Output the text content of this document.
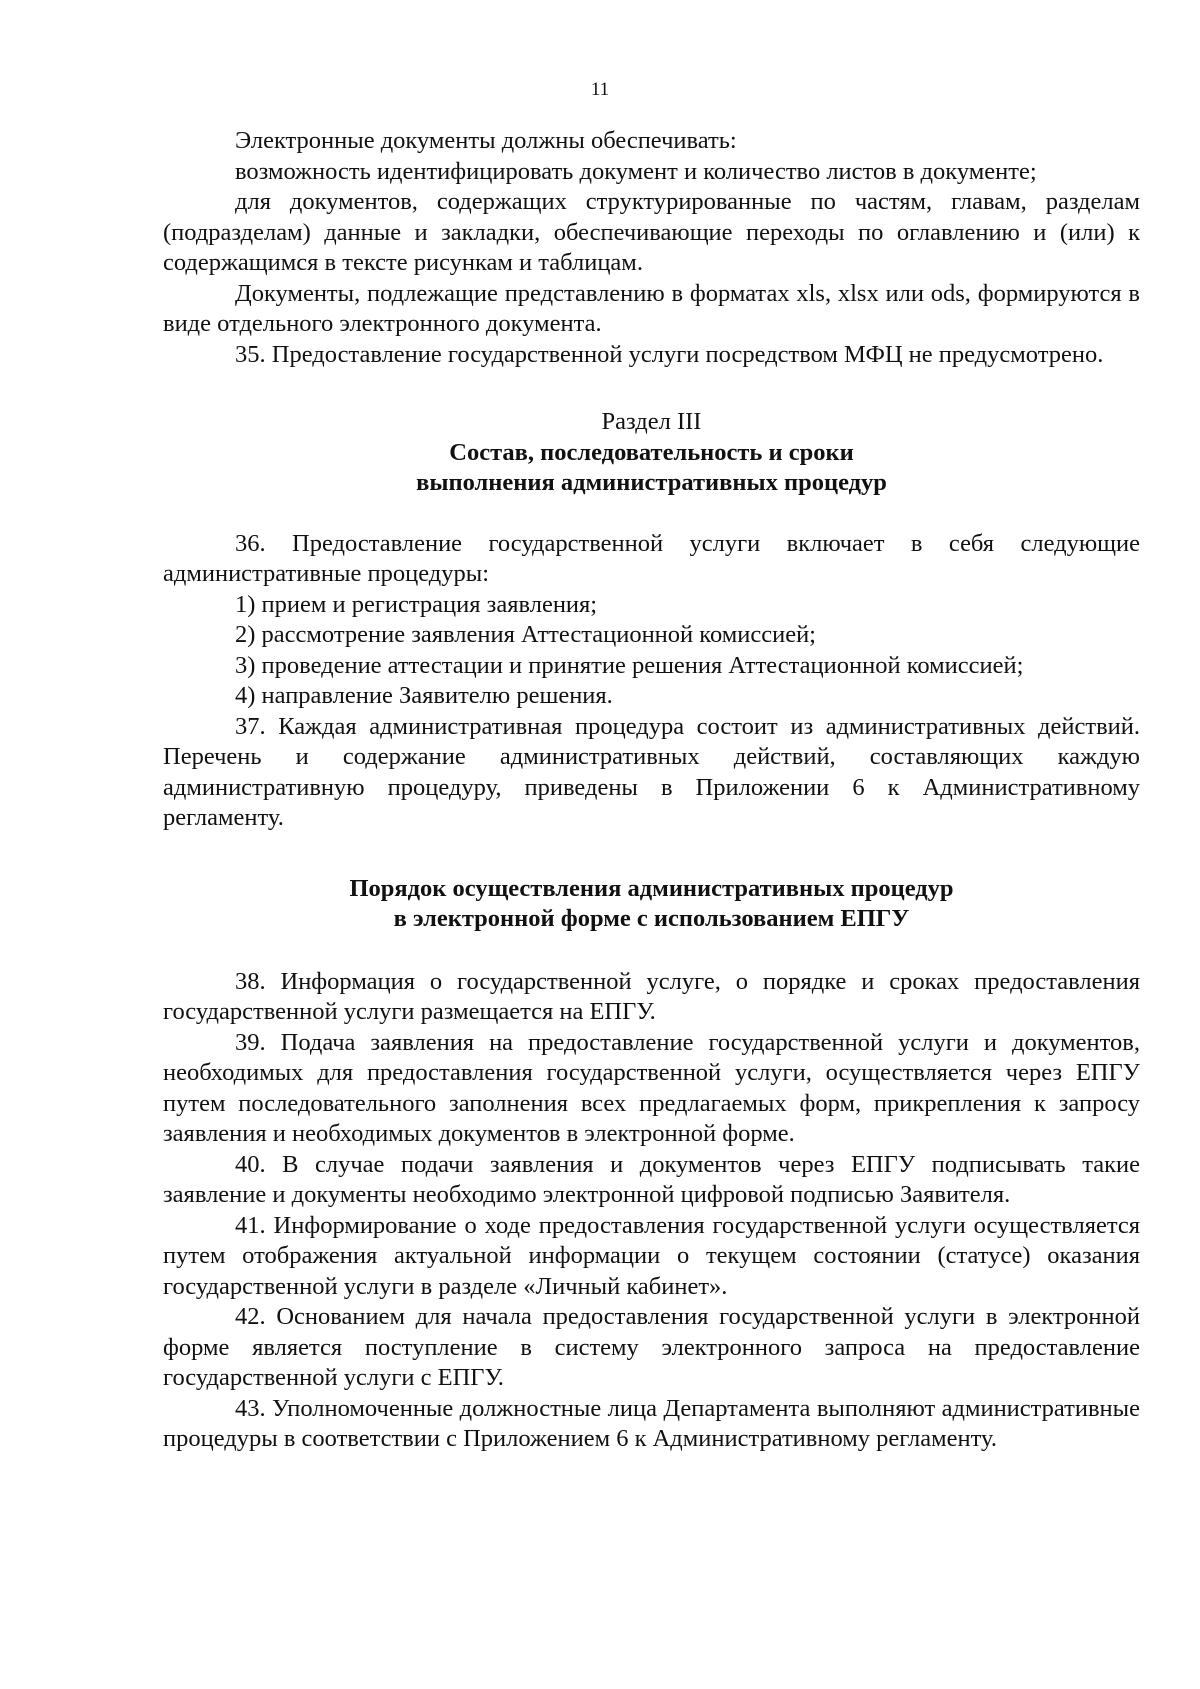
11

Электронные документы должны обеспечивать:

возможность идентифицировать документ и количество листов в документе;

для документов, содержащих структурированные по частям, главам, разделам (подразделам) данные и закладки, обеспечивающие переходы по оглавлению и (или) к содержащимся в тексте рисункам и таблицам.

Документы, подлежащие представлению в форматах xls, xlsx или ods, формируются в виде отдельного электронного документа.

35. Предоставление государственной услуги посредством МФЦ не предусмотрено.

Раздел III
Состав, последовательность и сроки
выполнения административных процедур

36. Предоставление государственной услуги включает в себя следующие административные процедуры:

1) прием и регистрация заявления;

2) рассмотрение заявления Аттестационной комиссией;

3) проведение аттестации и принятие решения Аттестационной комиссией;

4) направление Заявителю решения.

37. Каждая административная процедура состоит из административных действий. Перечень и содержание административных действий, составляющих каждую административную процедуру, приведены в Приложении 6 к Административному регламенту.

Порядок осуществления административных процедур
в электронной форме с использованием ЕПГУ

38. Информация о государственной услуге, о порядке и сроках предоставления государственной услуги размещается на ЕПГУ.

39. Подача заявления на предоставление государственной услуги и документов, необходимых для предоставления государственной услуги, осуществляется через ЕПГУ путем последовательного заполнения всех предлагаемых форм, прикрепления к запросу заявления и необходимых документов в электронной форме.

40. В случае подачи заявления и документов через ЕПГУ подписывать такие заявление и документы необходимо электронной цифровой подписью Заявителя.

41. Информирование о ходе предоставления государственной услуги осуществляется путем отображения актуальной информации о текущем состоянии (статусе) оказания государственной услуги в разделе «Личный кабинет».

42. Основанием для начала предоставления государственной услуги в электронной форме является поступление в систему электронного запроса на предоставление государственной услуги с ЕПГУ.

43. Уполномоченные должностные лица Департамента выполняют административные процедуры в соответствии с Приложением 6 к Административному регламенту.
